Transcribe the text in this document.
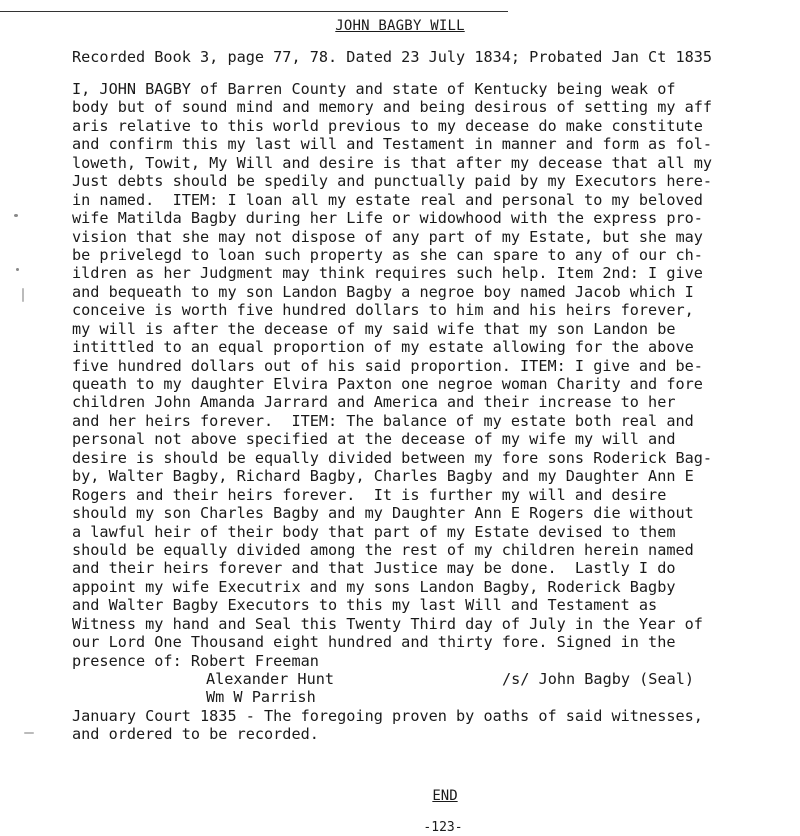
JOHN BAGBY WILL
Recorded Book 3, page 77, 78. Dated 23 July 1834; Probated Jan Ct 1835
I, JOHN BAGBY of Barren County and state of Kentucky being weak of
body but of sound mind and memory and being desirous of setting my aff
aris relative to this world previous to my decease do make constitute
and confirm this my last will and Testament in manner and form as fol-
loweth, Towit, My Will and desire is that after my decease that all my
Just debts should be spedily and punctually paid by my Executors here-
in named.  ITEM: I loan all my estate real and personal to my beloved
wife Matilda Bagby during her Life or widowhood with the express pro-
vision that she may not dispose of any part of my Estate, but she may
be privelegd to loan such property as she can spare to any of our ch-
ildren as her Judgment may think requires such help. Item 2nd: I give
and bequeath to my son Landon Bagby a negroe boy named Jacob which I
conceive is worth five hundred dollars to him and his heirs forever,
my will is after the decease of my said wife that my son Landon be
intittled to an equal proportion of my estate allowing for the above
five hundred dollars out of his said proportion. ITEM: I give and be-
queath to my daughter Elvira Paxton one negroe woman Charity and fore
children John Amanda Jarrard and America and their increase to her
and her heirs forever.  ITEM: The balance of my estate both real and
personal not above specified at the decease of my wife my will and
desire is should be equally divided between my fore sons Roderick Bag-
by, Walter Bagby, Richard Bagby, Charles Bagby and my Daughter Ann E
Rogers and their heirs forever.  It is further my will and desire
should my son Charles Bagby and my Daughter Ann E Rogers die without
a lawful heir of their body that part of my Estate devised to them
should be equally divided among the rest of my children herein named
and their heirs forever and that Justice may be done.  Lastly I do
appoint my wife Executrix and my sons Landon Bagby, Roderick Bagby
and Walter Bagby Executors to this my last Will and Testament as
Witness my hand and Seal this Twenty Third day of July in the Year of
our Lord One Thousand eight hundred and thirty fore. Signed in the

presence of: Robert Freeman

Alexander Hunt

	/s/ John Bagby (Seal)

Wm W Parrish

January Court 1835 - The foregoing proven by oaths of said witnesses,
and ordered to be recorded.
END
-123-
